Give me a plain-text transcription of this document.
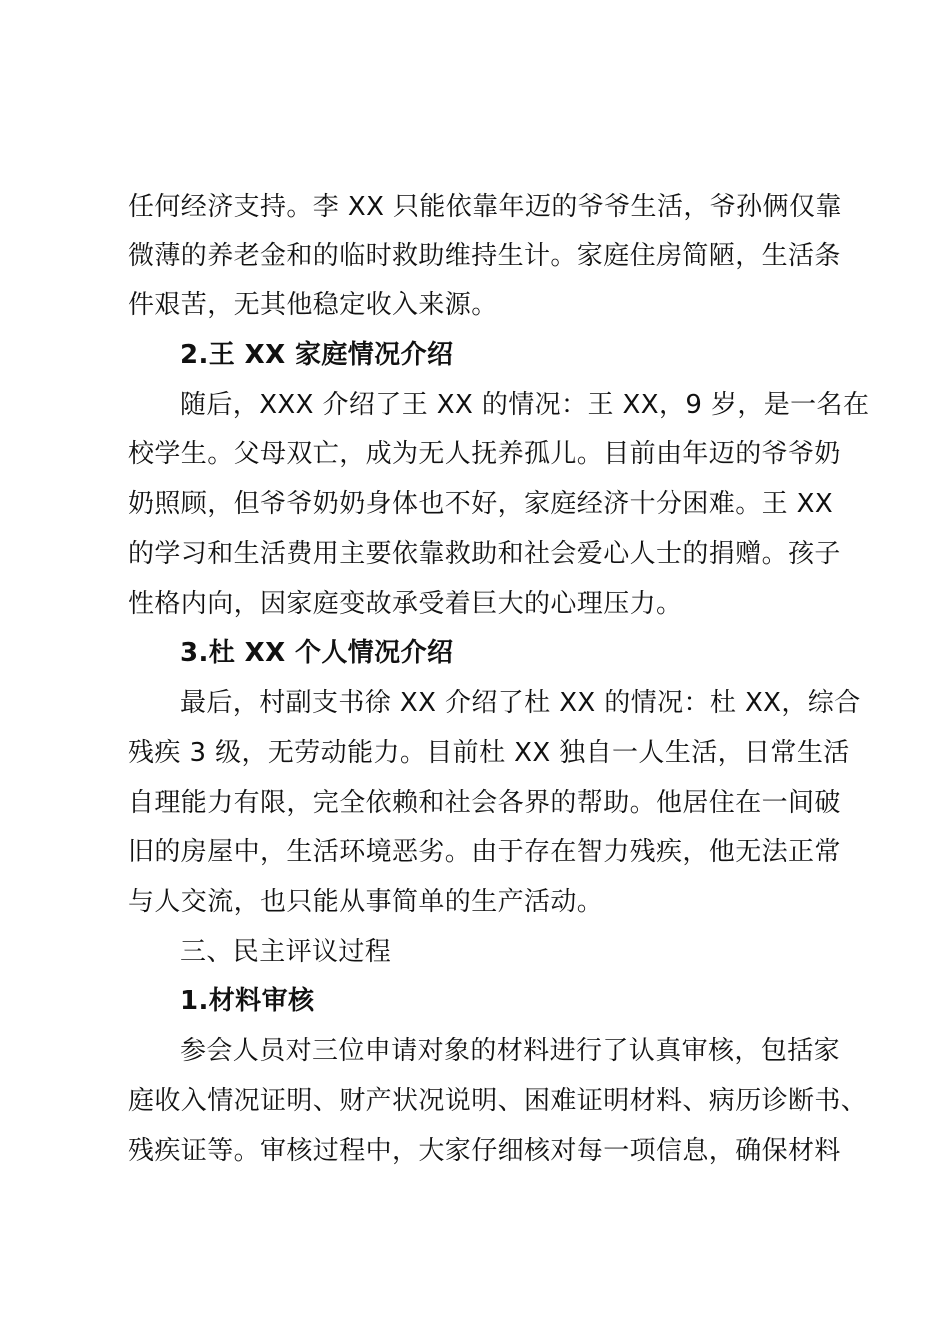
任何经济支持。李 XX 只能依靠年迈的爷爷生活，爷孙俩仅靠
微薄的养老金和的临时救助维持生计。家庭住房简陋，生活条
件艰苦，无其他稳定收入来源。
2.王 XX 家庭情况介绍
随后，XXX 介绍了王 XX 的情况：王 XX，9 岁，是一名在
校学生。父母双亡，成为无人抚养孤儿。目前由年迈的爷爷奶
奶照顾，但爷爷奶奶身体也不好，家庭经济十分困难。王 XX
的学习和生活费用主要依靠救助和社会爱心人士的捐赠。孩子
性格内向，因家庭变故承受着巨大的心理压力。
3.杜 XX 个人情况介绍
最后，村副支书徐 XX 介绍了杜 XX 的情况：杜 XX，综合
残疾 3 级，无劳动能力。目前杜 XX 独自一人生活，日常生活
自理能力有限，完全依赖和社会各界的帮助。他居住在一间破
旧的房屋中，生活环境恶劣。由于存在智力残疾，他无法正常
与人交流，也只能从事简单的生产活动。
三、民主评议过程
1.材料审核
参会人员对三位申请对象的材料进行了认真审核，包括家
庭收入情况证明、财产状况说明、困难证明材料、病历诊断书、
残疾证等。审核过程中，大家仔细核对每一项信息，确保材料
